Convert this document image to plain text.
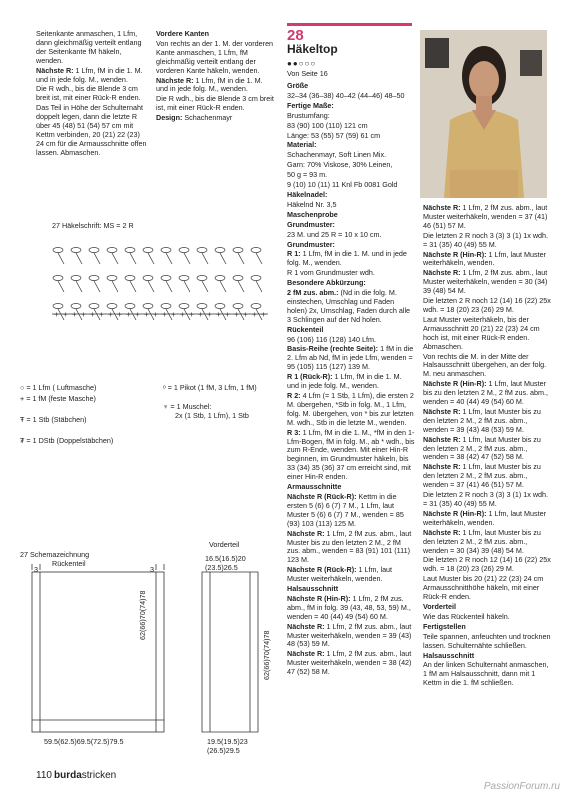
Seitenkante anmaschen, 1 Lfm, dann gleichmäßig verteilt entlang der Seitenkante fM häkeln, wenden.

Nächste R: 1 Lfm, fM in die 1. M. und in jede folg. M., wenden.

Die R wdh., bis die Blende 3 cm breit ist, mit einer Rück-R enden.

Das Teil in Höhe der Schulternaht doppelt legen, dann die letzte R über 45 (48) 51 (54) 57 cm mit Kettm verbinden, 20 (21) 22 (23) 24 cm für die Armausschnitte offen lassen. Abmaschen.

Vordere Kanten

Von rechts an der 1. M. der vorderen Kante anmaschen, 1 Lfm, fM gleichmäßig verteilt entlang der vorderen Kante häkeln, wenden.

Nächste R: 1 Lfm, fM in die 1. M. und in jede folg. M., wenden.

Die R wdh., bis die Blende 3 cm breit ist, mit einer Rück-R enden.

Design: Schachenmayr

28
Häkeltop
●●○○○
Von Seite 16

Größe

32–34 (36–38) 40–42 (44–46) 48–50

Fertige Maße:

Brustumfang:

83 (90) 100 (110) 121 cm

Länge: 53 (55) 57 (59) 61 cm

Material:

Schachenmayr, Soft Linen Mix.

Garn: 70% Viskose, 30% Leinen,

50 g = 93 m.

9 (10) 10 (11) 11 Knl Fb 0081 Gold

Häkelnadel:

Häkelnd Nr. 3,5

Maschenprobe

Grundmuster:

23 M. und 25 R = 10 x 10 cm.

Grundmuster:

R 1: 1 Lfm, fM in die 1. M. und in jede folg. M., wenden.

R 1 vom Grundmuster wdh.

Besondere Abkürzung:

2 fM zus. abm.: (Nd in die folg. M. einstechen, Umschlag und Faden holen) 2x, Umschlag, Faden durch alle 3 Schlingen auf der Nd holen.

Rückenteil

96 (106) 116 (128) 140 Lfm.

Basis-Reihe (rechte Seite): 1 fM in die 2. Lfm ab Nd, fM in jede Lfm, wenden = 95 (105) 115 (127) 139 M.

R 1 (Rück-R): 1 Lfm, fM in die 1. M. und in jede folg. M., wenden.

R 2: 4 Lfm (= 1 Stb, 1 Lfm), die ersten 2 M. übergehen, *Stb in folg. M., 1 Lfm, folg. M. übergehen, von * bis zur letzten M. wdh., Stb in die letzte M., wenden.

R 3: 1 Lfm, fM in die 1. M., *fM in den 1-Lfm-Bogen, fM in folg. M., ab * wdh., bis zum R-Ende, wenden. Mit einer Hin-R beginnen, im Grundmuster häkeln, bis 33 (34) 35 (36) 37 cm erreicht sind, mit einer Hin-R enden.

Armausschnitte

Nächste R (Rück-R): Kettm in die ersten 5 (6) 6 (7) 7 M., 1 Lfm, laut Muster 5 (6) 6 (7) 7 M., wenden = 85 (93) 103 (113) 125 M.

Nächste R: 1 Lfm, 2 fM zus. abm., laut Muster bis zu den letzten 2 M., 2 fM zus. abm., wenden = 83 (91) 101 (111) 123 M.

Nächste R (Rück-R): 1 Lfm, laut Muster weiterhäkeln, wenden.

Halsausschnitt

Nächste R (Hin-R): 1 Lfm, 2 fM zus. abm., fM in folg. 39 (43, 48, 53, 59) M., wenden = 40 (44) 49 (54) 60 M.

Nächste R: 1 Lfm, 2 fM zus. abm., laut Muster weiterhäkeln, wenden = 39 (43) 48 (53) 59 M.

Nächste R: 1 Lfm, 2 fM zus. abm., laut Muster weiterhäkeln, wenden = 38 (42) 47 (52) 58 M.

Nächste R: 1 Lfm, 2 fM zus. abm., laut Muster weiterhäkeln, wenden = 37 (41) 46 (51) 57 M.

Die letzten 2 R noch 3 (3) 3 (1) 1x wdh. = 31 (35) 40 (49) 55 M.

Nächste R (Hin-R): 1 Lfm, laut Muster weiterhäkeln, wenden.

Nächste R: 1 Lfm, 2 fM zus. abm., laut Muster weiterhäkeln, wenden = 30 (34) 39 (48) 54 M.

Die letzten 2 R noch 12 (14) 16 (22) 25x wdh. = 18 (20) 23 (26) 29 M.

Laut Muster weiterhäkeln, bis der Armausschnitt 20 (21) 22 (23) 24 cm hoch ist, mit einer Rück-R enden. Abmaschen.

Von rechts die M. in der Mitte der Halsausschnitt übergehen, an der folg. M. neu anmaschen.

Nächste R (Hin-R): 1 Lfm, laut Muster bis zu den letzten 2 M., 2 fM zus. abm., wenden = 40 (44) 49 (54) 60 M.

Nächste R: 1 Lfm, laut Muster bis zu den letzten 2 M., 2 fM zus. abm., wenden = 39 (43) 48 (53) 59 M.

Nächste R: 1 Lfm, laut Muster bis zu den letzten 2 M., 2 fM zus. abm., wenden = 38 (42) 47 (52) 58 M.

Nächste R: 1 Lfm, laut Muster bis zu den letzten 2 M., 2 fM zus. abm., wenden = 37 (41) 46 (51) 57 M.

Die letzten 2 R noch 3 (3) 3 (1) 1x wdh. = 31 (35) 40 (49) 55 M.

Nächste R (Hin-R): 1 Lfm, laut Muster weiterhäkeln, wenden.

Nächste R: 1 Lfm, laut Muster bis zu den letzten 2 M., 2 fM zus. abm., wenden = 30 (34) 39 (48) 54 M.

Die letzten 2 R noch 12 (14) 16 (22) 25x wdh. = 18 (20) 23 (26) 29 M.

Laut Muster bis 20 (21) 22 (23) 24 cm Armausschnitthöhe häkeln, mit einer Rück-R enden.

Vorderteil

Wie das Rückenteil häkeln.

Fertigstellen

Teile spannen, anfeuchten und trocknen lassen. Schulternähte schließen.

Halsausschnitt

An der linken Schulternaht anmaschen, 1 fM am Halsausschnitt, dann mit 1 Kettm in die 1. fM schließen.

27 Häkelschrift: MS = 2 R
+ + + + + + + + + + + + + + + + + + + + + + + +
○ = 1 Lfm ( Luftmasche)
+ = 1 fM (feste Masche)
Ŧ = 1 Stb (Stäbchen)
₮ = 1 DStb (Doppelstäbchen)
ᵒ = 1 Pikot (1 fM, 3 Lfm, 1 fM)
♆ = 1 Muschel:
2x (1 Stb, 1 Lfm), 1 Stb
27 Schemazeichnung
Rückenteil
Vorderteil
3	3
59.5(62.5)69.5(72.5)79.5
62(66)70(74)78
16.5(16.5)20
(23.5)26.5
62(66)70(74)78
19.5(19.5)23
(26.5)29.5
110 burdastricken
PassionForum.ru
